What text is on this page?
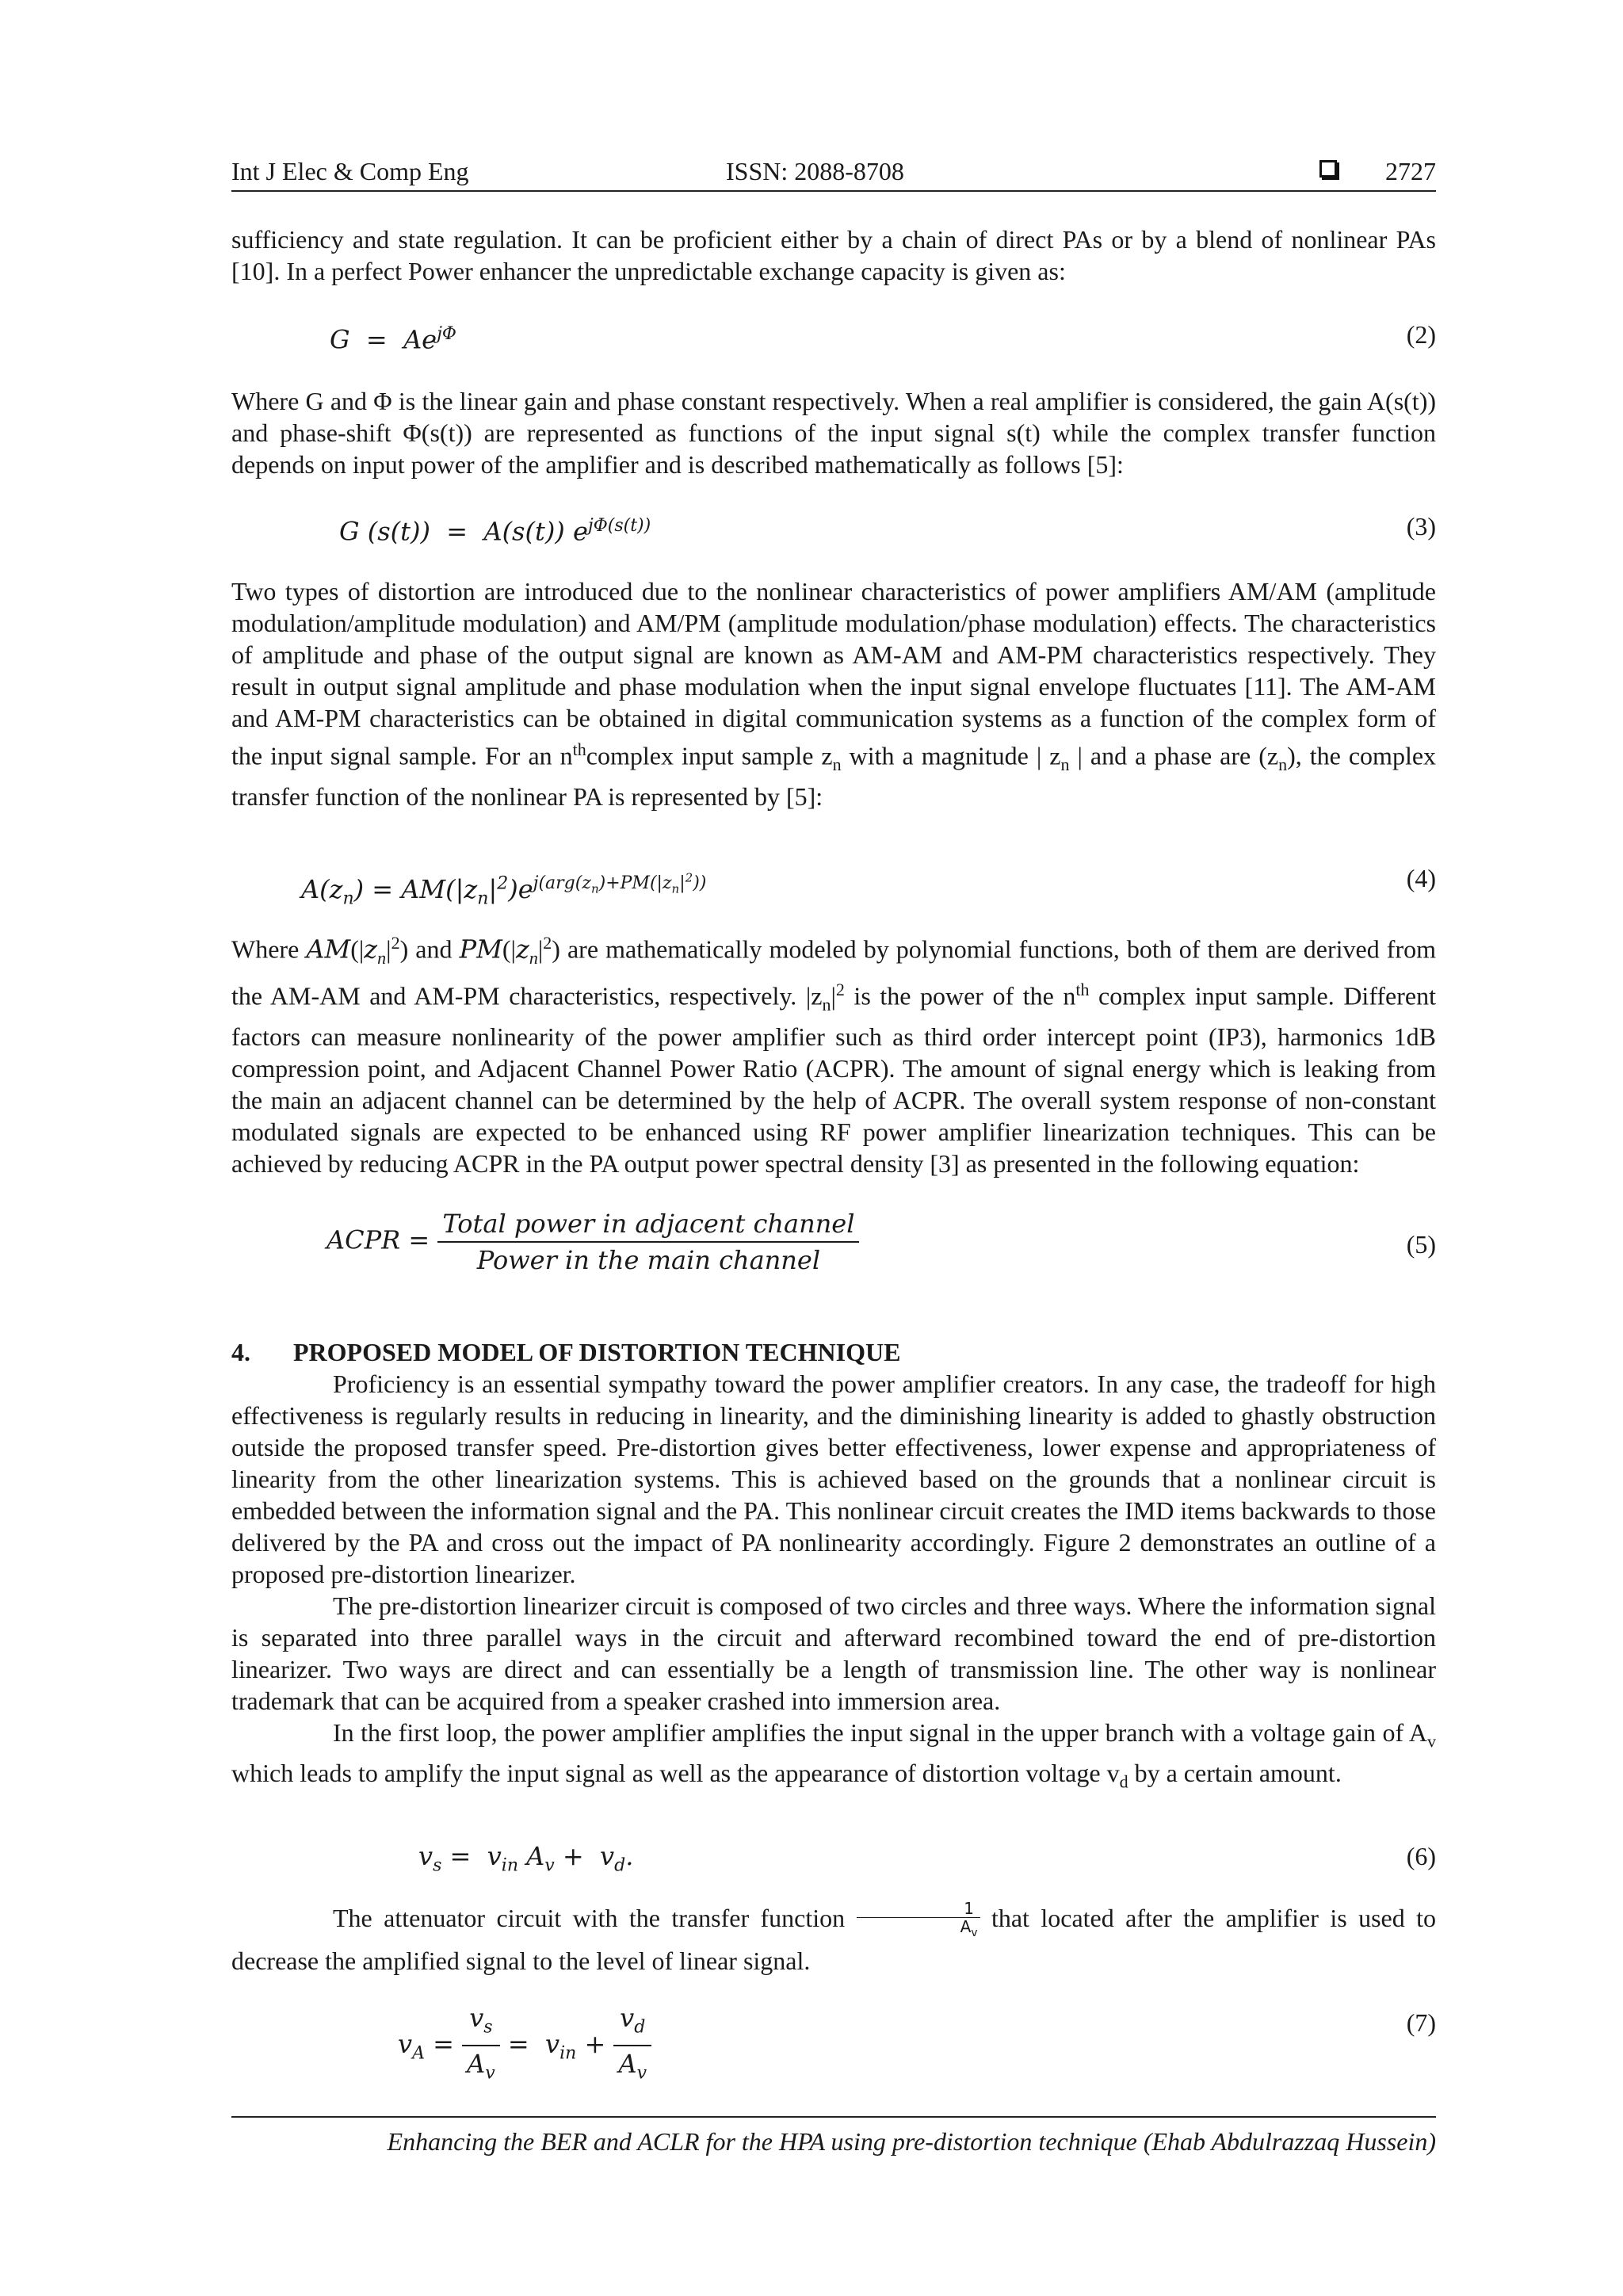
Int J Elec & Comp Eng	ISSN: 2088-8708	2727

sufficiency and state regulation. It can be proficient either by a chain of direct PAs or by a blend of nonlinear PAs [10]. In a perfect Power enhancer the unpredictable exchange capacity is given as:

$G = Ae^{j\Phi}$	(2)

Where G and Φ is the linear gain and phase constant respectively. When a real amplifier is considered, the gain A(s(t)) and phase-shift Φ(s(t)) are represented as functions of the input signal s(t) while the complex transfer function depends on input power of the amplifier and is described mathematically as follows [5]:

G (s(t))  =  A(s(t)) $e^{j\Phi(s(t))}$	(3)

Two types of distortion are introduced due to the nonlinear characteristics of power amplifiers AM/AM (amplitude modulation/amplitude modulation) and AM/PM (amplitude modulation/phase modulation) effects. The characteristics of amplitude and phase of the output signal are known as AM-AM and AM-PM characteristics respectively. They result in output signal amplitude and phase modulation when the input signal envelope fluctuates [11]. The AM-AM and AM-PM characteristics can be obtained in digital communication systems as a function of the complex form of the input signal sample. For an $n^{th}complex$ input sample $z_n$ with a magnitude | $z_n$ | and a phase are $(z_n)$, the complex transfer function of the nonlinear PA is represented by [5]:

$A(z_n) = AM(|z_n|^2)e^{j(arg(z_n)+PM(|z_n|^2))}$	(4)

Where $AM(|z_n|^2)$ and $PM(|z_n|^2)$ are mathematically modeled by polynomial functions, both of them are derived from the AM-AM and AM-PM characteristics, respectively. $|z_n|^2$ is the power of the $n^{th}$ complex input sample. Different factors can measure nonlinearity of the power amplifier such as third order intercept point (IP3), harmonics 1dB compression point, and Adjacent Channel Power Ratio (ACPR). The amount of signal energy which is leaking from the main an adjacent channel can be determined by the help of ACPR. The overall system response of non-constant modulated signals are expected to be enhanced using RF power amplifier linearization techniques. This can be achieved by reducing ACPR in the PA output power spectral density [3] as presented in the following equation:

ACPR = $\frac{\text{Total power in adjacent channel}}{\text{Power in the main channel}}$	(5)
4. PROPOSED MODEL OF DISTORTION TECHNIQUE

Proficiency is an essential sympathy toward the power amplifier creators. In any case, the tradeoff for high effectiveness is regularly results in reducing in linearity, and the diminishing linearity is added to ghastly obstruction outside the proposed transfer speed. Pre-distortion gives better effectiveness, lower expense and appropriateness of linearity from the other linearization systems. This is achieved based on the grounds that a nonlinear circuit is embedded between the information signal and the PA. This nonlinear circuit creates the IMD items backwards to those delivered by the PA and cross out the impact of PA nonlinearity accordingly. Figure 2 demonstrates an outline of a proposed pre-distortion linearizer.

The pre-distortion linearizer circuit is composed of two circles and three ways. Where the information signal is separated into three parallel ways in the circuit and afterward recombined toward the end of pre-distortion linearizer. Two ways are direct and can essentially be a length of transmission line. The other way is nonlinear trademark that can be acquired from a speaker crashed into immersion area.

In the first loop, the power amplifier amplifies the input signal in the upper branch with a voltage gain of $A_v$ which leads to amplify the input signal as well as the appearance of distortion voltage $v_d$ by a certain amount.

$v_s = v_{in}$ $A_v + v_d$.	(6)

The attenuator circuit with the transfer function $\frac{1}{A_v}$ that located after the amplifier is used to decrease the amplified signal to the level of linear signal.

$v_A = \frac{v_s}{A_v} = v_{in} + \frac{v_d}{A_v}$	(7)
Enhancing the BER and ACLR for the HPA using pre-distortion technique (Ehab Abdulrazzaq Hussein)
